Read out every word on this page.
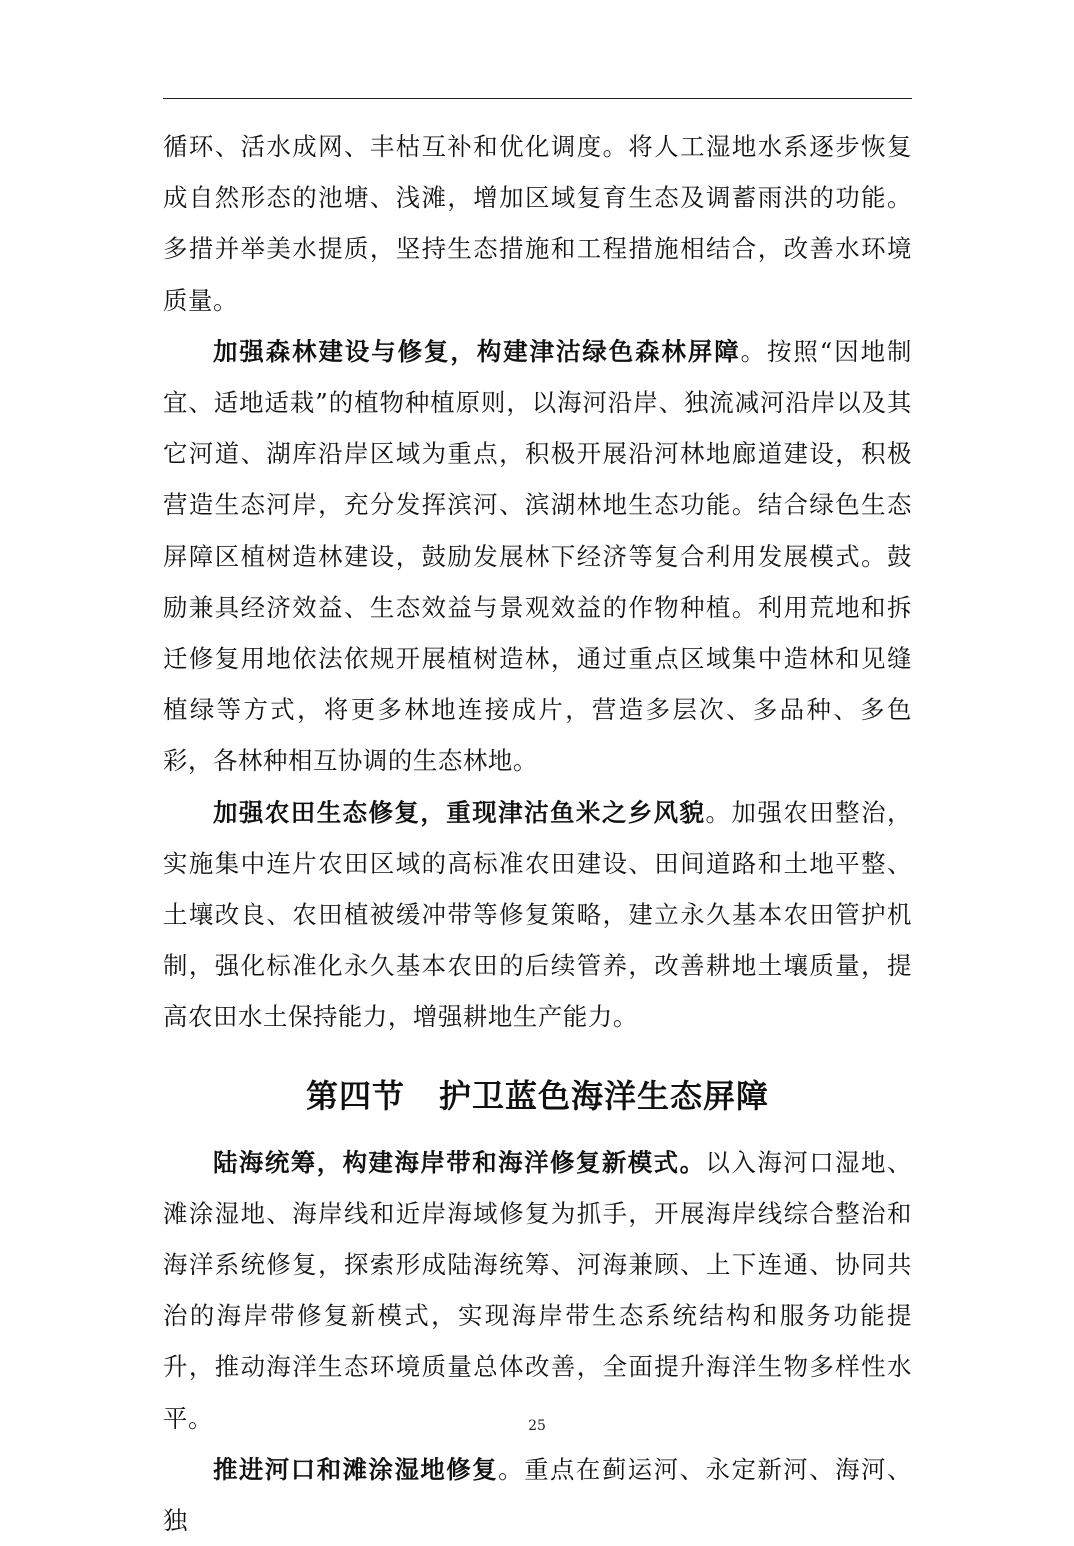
循环、活水成网、丰枯互补和优化调度。将人工湿地水系逐步恢复成自然形态的池塘、浅滩，增加区域复育生态及调蓄雨洪的功能。多措并举美水提质，坚持生态措施和工程措施相结合，改善水环境质量。

加强森林建设与修复，构建津沽绿色森林屏障。按照“因地制宜、适地适栽”的植物种植原则，以海河沿岸、独流减河沿岸以及其它河道、湖库沿岸区域为重点，积极开展沿河林地廊道建设，积极营造生态河岸，充分发挥滨河、滨湖林地生态功能。结合绿色生态屏障区植树造林建设，鼓励发展林下经济等复合利用发展模式。鼓励兼具经济效益、生态效益与景观效益的作物种植。利用荒地和拆迁修复用地依法依规开展植树造林，通过重点区域集中造林和见缝植绿等方式，将更多林地连接成片，营造多层次、多品种、多色彩，各林种相互协调的生态林地。

加强农田生态修复，重现津沽鱼米之乡风貌。加强农田整治，实施集中连片农田区域的高标准农田建设、田间道路和土地平整、土壤改良、农田植被缓冲带等修复策略，建立永久基本农田管护机制，强化标准化永久基本农田的后续管养，改善耕地土壤质量，提高农田水土保持能力，增强耕地生产能力。

第四节 护卫蓝色海洋生态屏障

陆海统筹，构建海岸带和海洋修复新模式。以入海河口湿地、滩涂湿地、海岸线和近岸海域修复为抓手，开展海岸线综合整治和海洋系统修复，探索形成陆海统筹、河海兼顾、上下连通、协同共治的海岸带修复新模式，实现海岸带生态系统结构和服务功能提升，推动海洋生态环境质量总体改善，全面提升海洋生物多样性水平。

推进河口和滩涂湿地修复。重点在蓟运河、永定新河、海河、独

25
